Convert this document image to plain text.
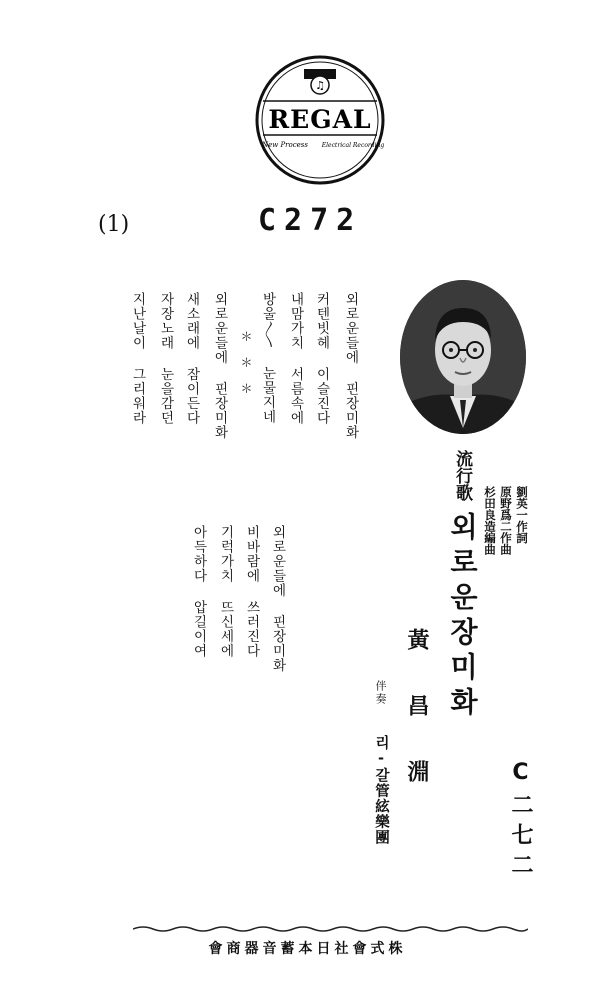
♫
REGAL
New Process Electrical Recording
(1)	C272
외로운들에 핀장미화
커텐빗헤 이슬진다
내맘가치 서름속에
방울〳〵 눈물지네
＊＊＊
외로운들에 핀장미화
새소래에 잠이든다
자장노래 눈을감던
지난날이 그리워라
외로운들에 핀장미화
비바람에 쓰러진다
기럭가치 뜨신세에
아득하다 압길이여
流行歌
외로운장미화	劉英一作詞
原野爲二作曲
杉田良造編曲
黃昌淵
伴奏
리-갈管絃樂團	C二七二
株式會社日本蓄音器商會
